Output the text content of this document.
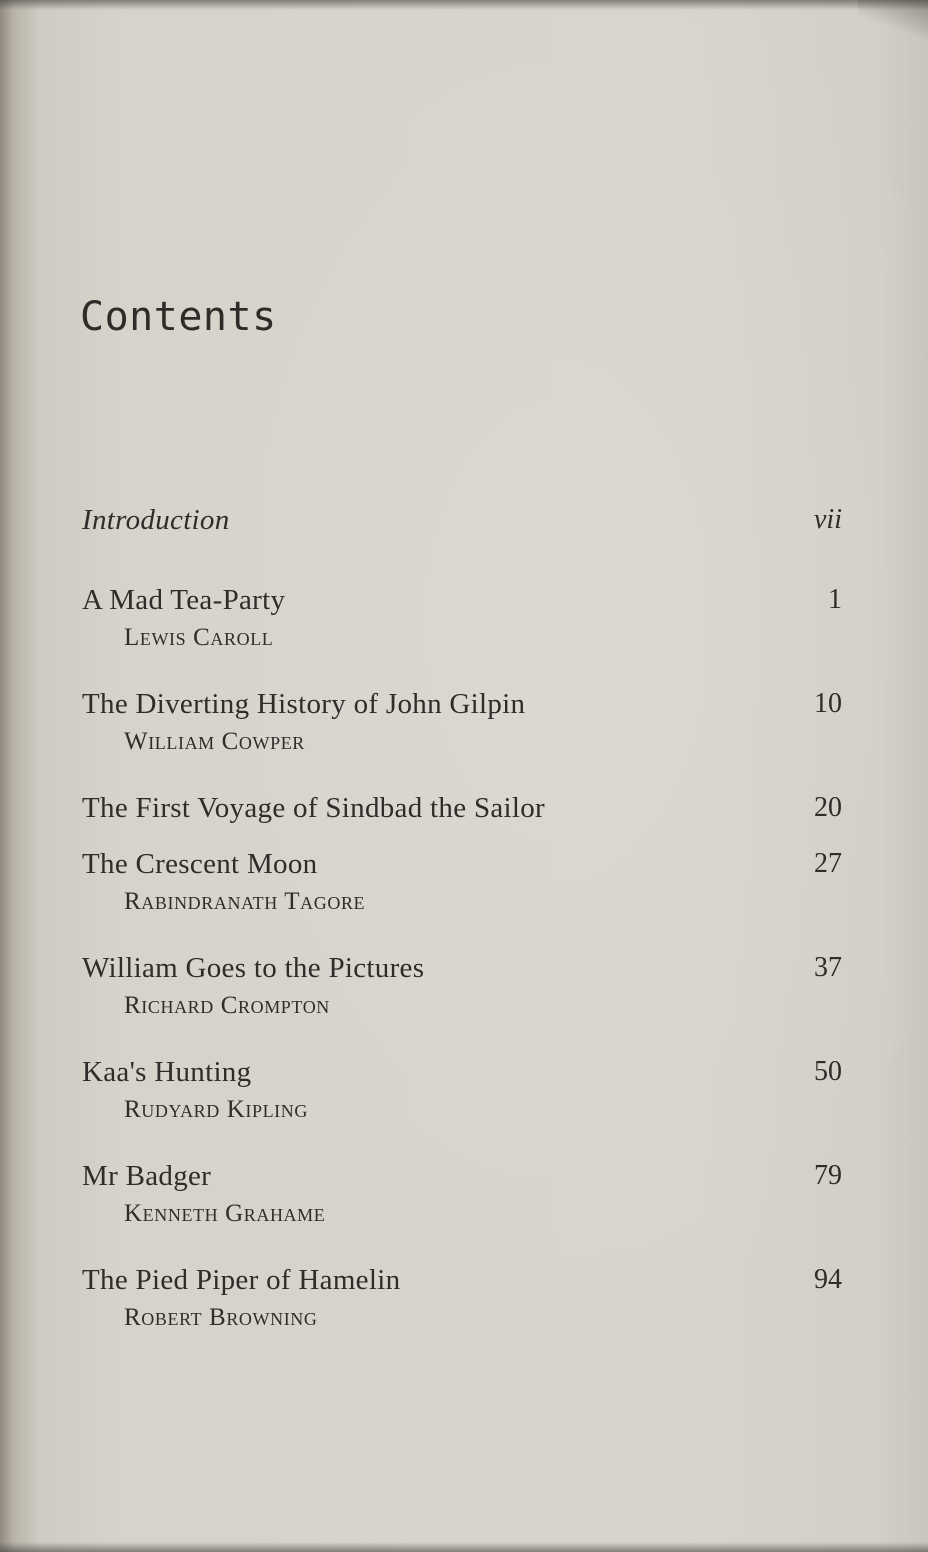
Contents
Introduction	vii
A Mad Tea-Party
Lewis Caroll
1
The Diverting History of John Gilpin
William Cowper
10
The First Voyage of Sindbad the Sailor	20
The Crescent Moon
Rabindranath Tagore
27
William Goes to the Pictures
Richard Crompton
37
Kaa's Hunting
Rudyard Kipling
50
Mr Badger
Kenneth Grahame
79
The Pied Piper of Hamelin
Robert Browning
94
